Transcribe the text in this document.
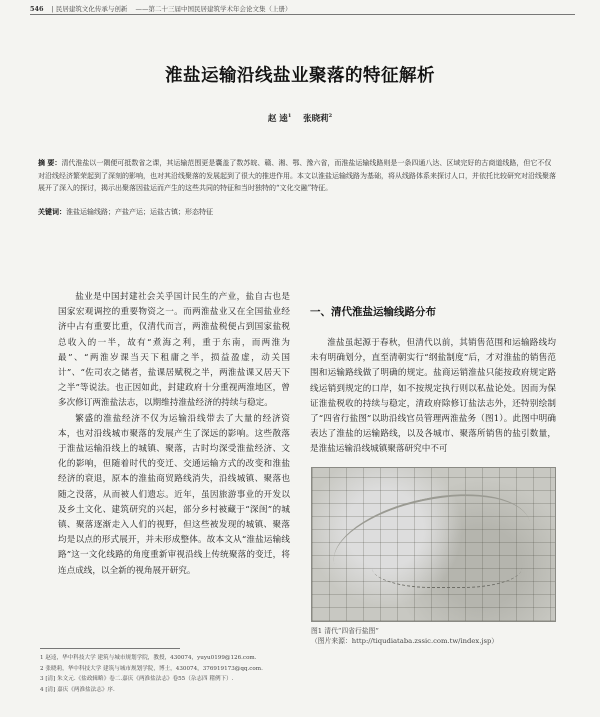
546 | 民居建筑文化传承与创新 ——第二十三届中国民居建筑学术年会论文集（上册）
淮盐运输沿线盐业聚落的特征解析
赵 逵$^1$ 张晓莉$^2$
摘 要：清代淮盐以一隅便可抵数省之课，其运输范围更是囊盖了数苏皖、赣、湘、鄂、豫六省，而淮盐运输线路则是一条四通八达、区域完好的古商道线路，但它不仅对沿线经济繁荣起到了深刻的影响，也对其沿线聚落的发展起到了很大的推进作用。本文以淮盐运输线路为基础，将从线路体系来探讨人口，并依托比较研究对沿线聚落展开了深入的探讨，揭示出聚落因盐运而产生的这些共同的特征和当时独特的“文化交融”特征。
关键词：淮盐运输线路；产盐产运；运盐古镇；形态特征

盐业是中国封建社会关乎国计民生的产业，盐自古也是国家宏观调控的重要物资之一。而两淮盐业又在全国盐业经济中占有重要比重，仅清代而言，两淮盐税便占到国家盐税总收入的一半，故有“煮海之利，重于东南，而两淮为最”、“两淮岁课当天下租庸之半，损益盈虚，动关国计”、“佐司农之储者，盐课居赋税之半，两淮盐课又居天下之半”等说法。也正因如此，封建政府十分重视两淮地区，曾多次修订两淮盐法志，以期维持淮盐经济的持续与稳定。

繁盛的淮盐经济不仅为运输沿线带去了大量的经济资本，也对沿线城市聚落的发展产生了深远的影响。这些散落于淮盐运输沿线上的城镇、聚落，古时均深受淮盐经济、文化的影响，但随着时代的变迁、交通运输方式的改变和淮盐经济的衰退，原本的淮盐商贸路线消失，沿线城镇、聚落也随之没落，从而被人们遗忘。近年，虽因旅游事业的开发以及乡土文化、建筑研究的兴起，部分乡村被藏于“深闺”的城镇、聚落逐渐走入人们的视野，但这些被发现的城镇、聚落均是以点的形式展开，并未形成整体。故本文从“淮盐运输线路”这一文化线路的角度重新审视沿线上传统聚落的变迁，将连点成线，以全新的视角展开研究。

一、清代淮盐运输线路分布

淮盐虽起源于春秋，但清代以前，其销售范围和运输路线均未有明确划分，直至清朝实行“纲盐制度”后，才对淮盐的销售范围和运输路线做了明确的规定。盐商运销淮盐只能按政府规定路线运销到规定的口岸，如不按规定执行则以私盐论处。因而为保证淮盐税收的持续与稳定，清政府除修订盐法志外，还特别绘制了“四省行盐图”以助沿线官员管理两淮盐务（图1）。此图中明确表达了淮盐的运输路线，以及各城市、聚落所销售的盐引数量，是淮盐运输沿线城镇聚落研究中不可

图1 清代“四省行盐图”
（图片来源：http://tiqudiataba.zssic.com.tw/index.jsp）
1 赵逵，华中科技大学 建筑与城市规划学院，教授，430074，yuyu0199@126.com.
2 张晓莉，华中科技大学 建筑与城市规划学院，博士，430074，376919173@qq.com.
3 [清] 朱文元.《盐政辑略》卷二.嘉庆《两淮盐法志》卷55（杂志四 稽例下）.
4 [清] 嘉庆《两淮盐法志》序.
